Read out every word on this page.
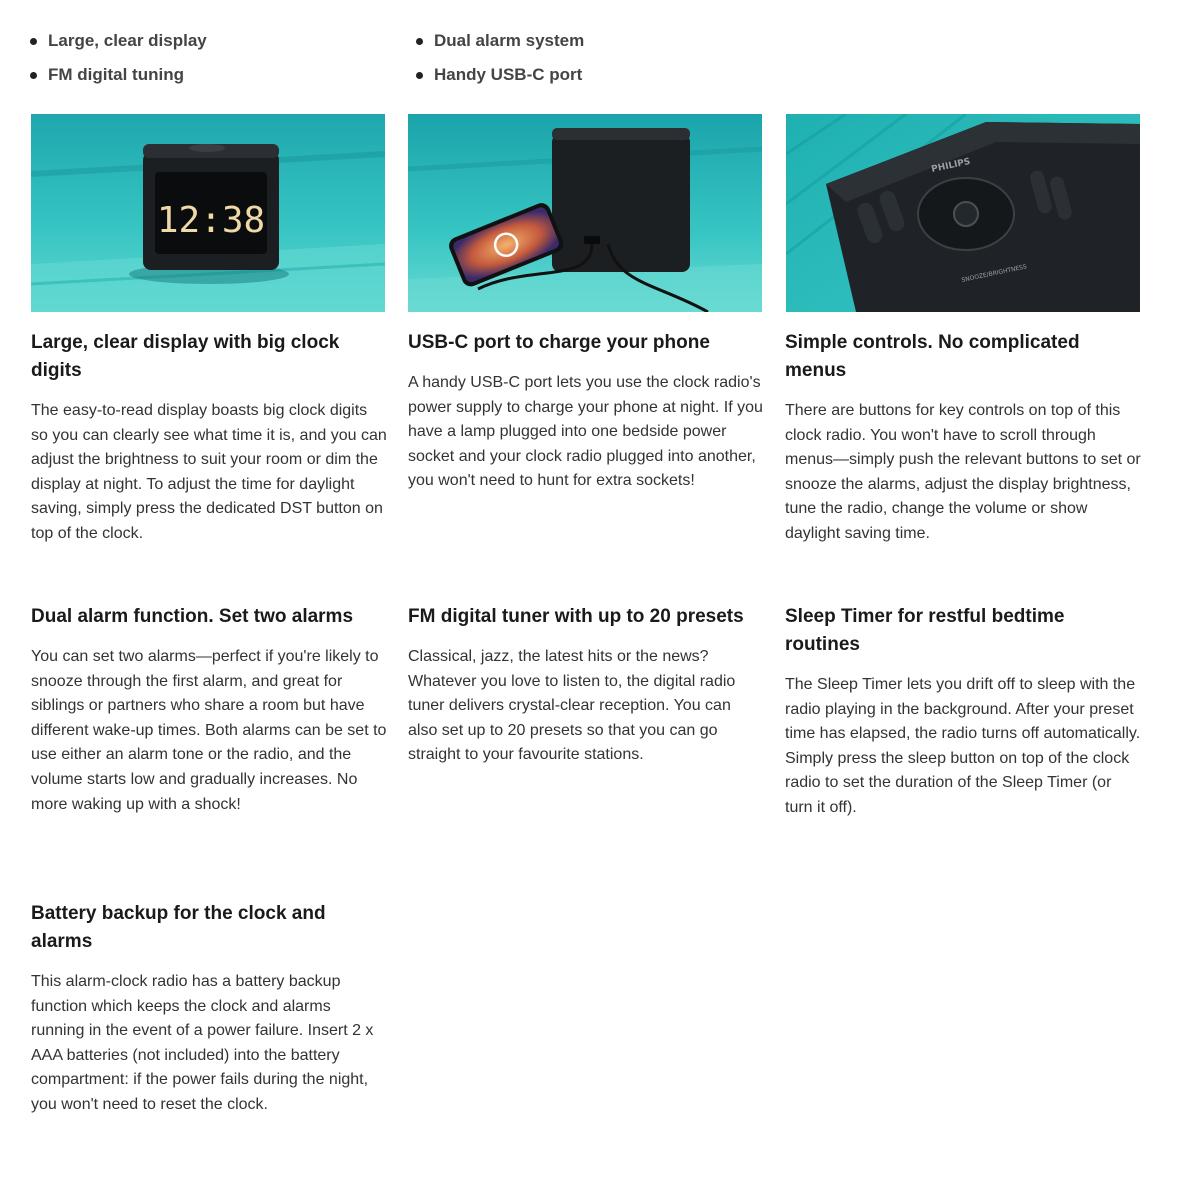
Large, clear display
FM digital tuning
Dual alarm system
Handy USB-C port
12:38
PHILIPS
SNOOZE/BRIGHTNESS
Large, clear display with big clock digits

The easy-to-read display boasts big clock digits so you can clearly see what time it is, and you can adjust the brightness to suit your room or dim the display at night. To adjust the time for daylight saving, simply press the dedicated DST button on top of the clock.

USB-C port to charge your phone

A handy USB-C port lets you use the clock radio's power supply to charge your phone at night. If you have a lamp plugged into one bedside power socket and your clock radio plugged into another, you won't need to hunt for extra sockets!

Simple controls. No complicated menus

There are buttons for key controls on top of this clock radio. You won't have to scroll through menus—simply push the relevant buttons to set or snooze the alarms, adjust the display brightness, tune the radio, change the volume or show daylight saving time.

Dual alarm function. Set two alarms

You can set two alarms—perfect if you're likely to snooze through the first alarm, and great for siblings or partners who share a room but have different wake-up times. Both alarms can be set to use either an alarm tone or the radio, and the volume starts low and gradually increases. No more waking up with a shock!

FM digital tuner with up to 20 presets

Classical, jazz, the latest hits or the news? Whatever you love to listen to, the digital radio tuner delivers crystal-clear reception. You can also set up to 20 presets so that you can go straight to your favourite stations.

Sleep Timer for restful bedtime routines

The Sleep Timer lets you drift off to sleep with the radio playing in the background. After your preset time has elapsed, the radio turns off automatically. Simply press the sleep button on top of the clock radio to set the duration of the Sleep Timer (or turn it off).

Battery backup for the clock and alarms

This alarm-clock radio has a battery backup function which keeps the clock and alarms running in the event of a power failure. Insert 2 x AAA batteries (not included) into the battery compartment: if the power fails during the night, you won't need to reset the clock.
